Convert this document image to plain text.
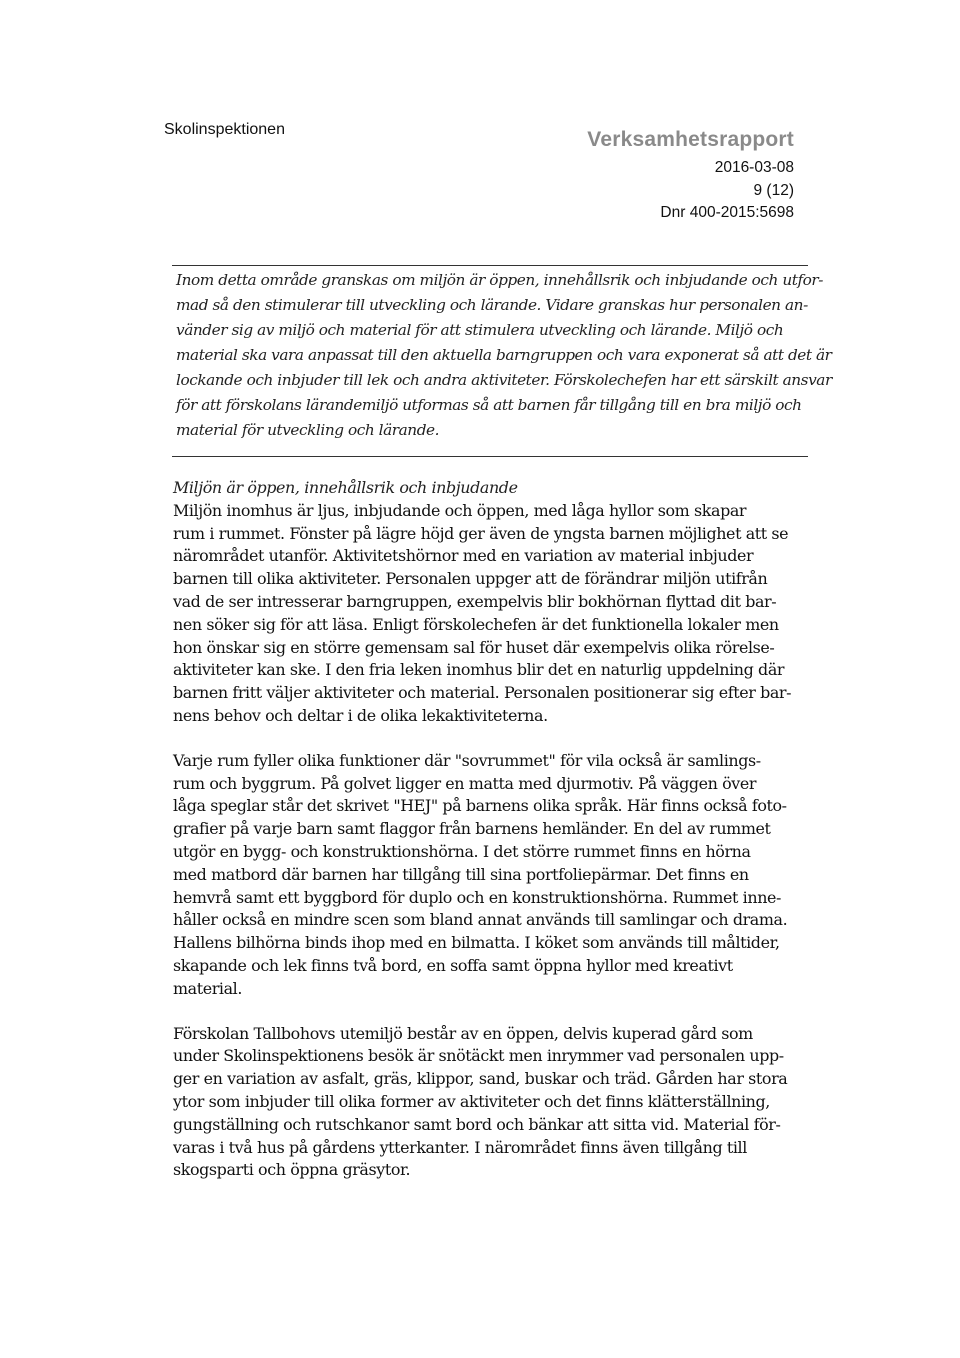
Skolinspektionen	Verksamhetsrapport
2016-03-08
9 (12)
Dnr 400-2015:5698
Inom detta område granskas om miljön är öppen, innehållsrik och inbjudande och utfor-
mad så den stimulerar till utveckling och lärande. Vidare granskas hur personalen an-
vänder sig av miljö och material för att stimulera utveckling och lärande. Miljö och
material ska vara anpassat till den aktuella barngruppen och vara exponerat så att det är
lockande och inbjuder till lek och andra aktiviteter. Förskolechefen har ett särskilt ansvar
för att förskolans lärandemiljö utformas så att barnen får tillgång till en bra miljö och
material för utveckling och lärande.
Miljön är öppen, innehållsrik och inbjudande
Miljön inomhus är ljus, inbjudande och öppen, med låga hyllor som skapar
rum i rummet. Fönster på lägre höjd ger även de yngsta barnen möjlighet att se
närområdet utanför. Aktivitetshörnor med en variation av material inbjuder
barnen till olika aktiviteter. Personalen uppger att de förändrar miljön utifrån
vad de ser intresserar barngruppen, exempelvis blir bokhörnan flyttad dit bar-
nen söker sig för att läsa. Enligt förskolechefen är det funktionella lokaler men
hon önskar sig en större gemensam sal för huset där exempelvis olika rörelse-
aktiviteter kan ske. I den fria leken inomhus blir det en naturlig uppdelning där
barnen fritt väljer aktiviteter och material. Personalen positionerar sig efter bar-
nens behov och deltar i de olika lekaktiviteterna.
Varje rum fyller olika funktioner där "sovrummet" för vila också är samlings-
rum och byggrum. På golvet ligger en matta med djurmotiv. På väggen över
låga speglar står det skrivet "HEJ" på barnens olika språk. Här finns också foto-
grafier på varje barn samt flaggor från barnens hemländer. En del av rummet
utgör en bygg- och konstruktionshörna. I det större rummet finns en hörna
med matbord där barnen har tillgång till sina portfoliepärmar. Det finns en
hemvrå samt ett byggbord för duplo och en konstruktionshörna. Rummet inne-
håller också en mindre scen som bland annat används till samlingar och drama.
Hallens bilhörna binds ihop med en bilmatta. I köket som används till måltider,
skapande och lek finns två bord, en soffa samt öppna hyllor med kreativt
material.
Förskolan Tallbohovs utemiljö består av en öppen, delvis kuperad gård som
under Skolinspektionens besök är snötäckt men inrymmer vad personalen upp-
ger en variation av asfalt, gräs, klippor, sand, buskar och träd. Gården har stora
ytor som inbjuder till olika former av aktiviteter och det finns klätterställning,
gungställning och rutschkanor samt bord och bänkar att sitta vid. Material för-
varas i två hus på gårdens ytterkanter. I närområdet finns även tillgång till
skogsparti och öppna gräsytor.
